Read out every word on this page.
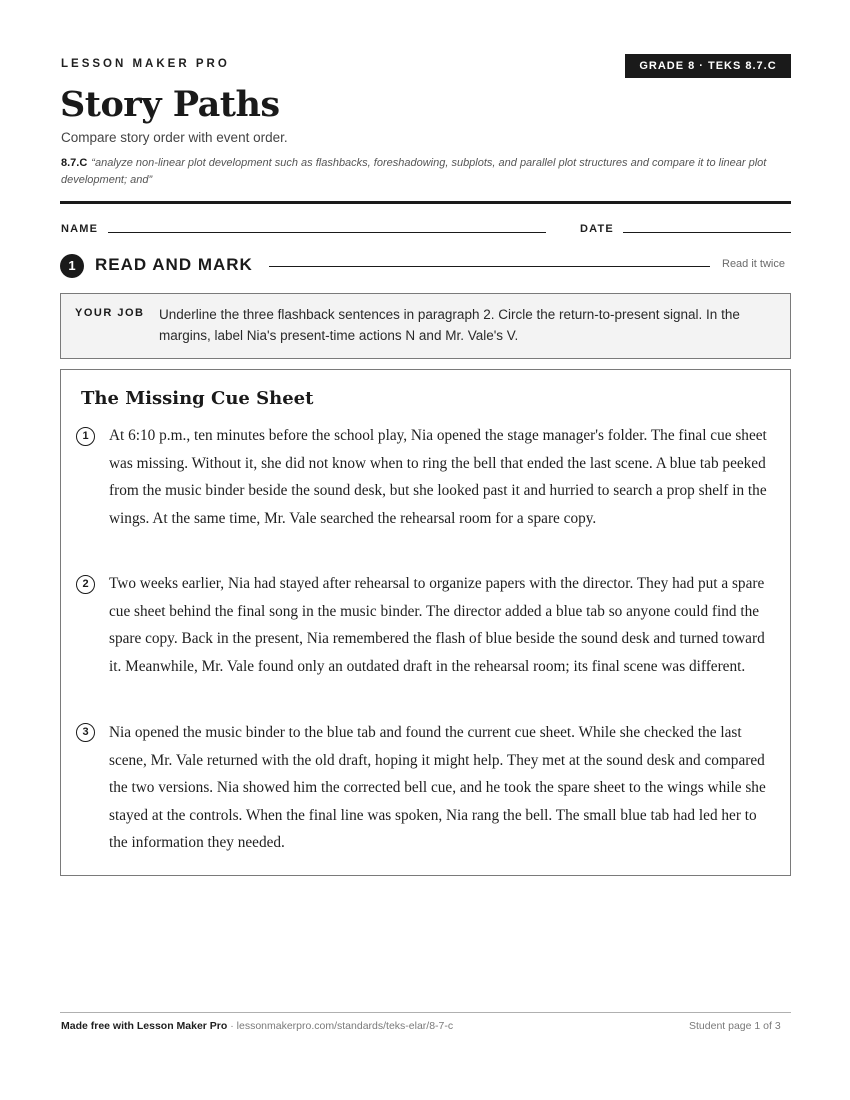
LESSON MAKER PRO	GRADE 8 · TEKS 8.7.C
Story Paths
Compare story order with event order.
8.7.C “analyze non-linear plot development such as flashbacks, foreshadowing, subplots, and parallel plot structures and compare it to linear plot development; and”
NAME	DATE
1	READ AND MARK	Read it twice
YOUR JOB Underline the three flashback sentences in paragraph 2. Circle the return-to-present signal. In the margins, label Nia's present-time actions N and Mr. Vale's V.
The Missing Cue Sheet
1	At 6:10 p.m., ten minutes before the school play, Nia opened the stage manager's folder. The final cue sheet was missing. Without it, she did not know when to ring the bell that ended the last scene. A blue tab peeked from the music binder beside the sound desk, but she looked past it and hurried to search a prop shelf in the wings. At the same time, Mr. Vale searched the rehearsal room for a spare copy.
2	Two weeks earlier, Nia had stayed after rehearsal to organize papers with the director. They had put a spare cue sheet behind the final song in the music binder. The director added a blue tab so anyone could find the spare copy. Back in the present, Nia remembered the flash of blue beside the sound desk and turned toward it. Meanwhile, Mr. Vale found only an outdated draft in the rehearsal room; its final scene was different.
3	Nia opened the music binder to the blue tab and found the current cue sheet. While she checked the last scene, Mr. Vale returned with the old draft, hoping it might help. They met at the sound desk and compared the two versions. Nia showed him the corrected bell cue, and he took the spare sheet to the wings while she stayed at the controls. When the final line was spoken, Nia rang the bell. The small blue tab had led her to the information they needed.
Made free with Lesson Maker Pro · lessonmakerpro.com/standards/teks-elar/8-7-c	Student page 1 of 3
